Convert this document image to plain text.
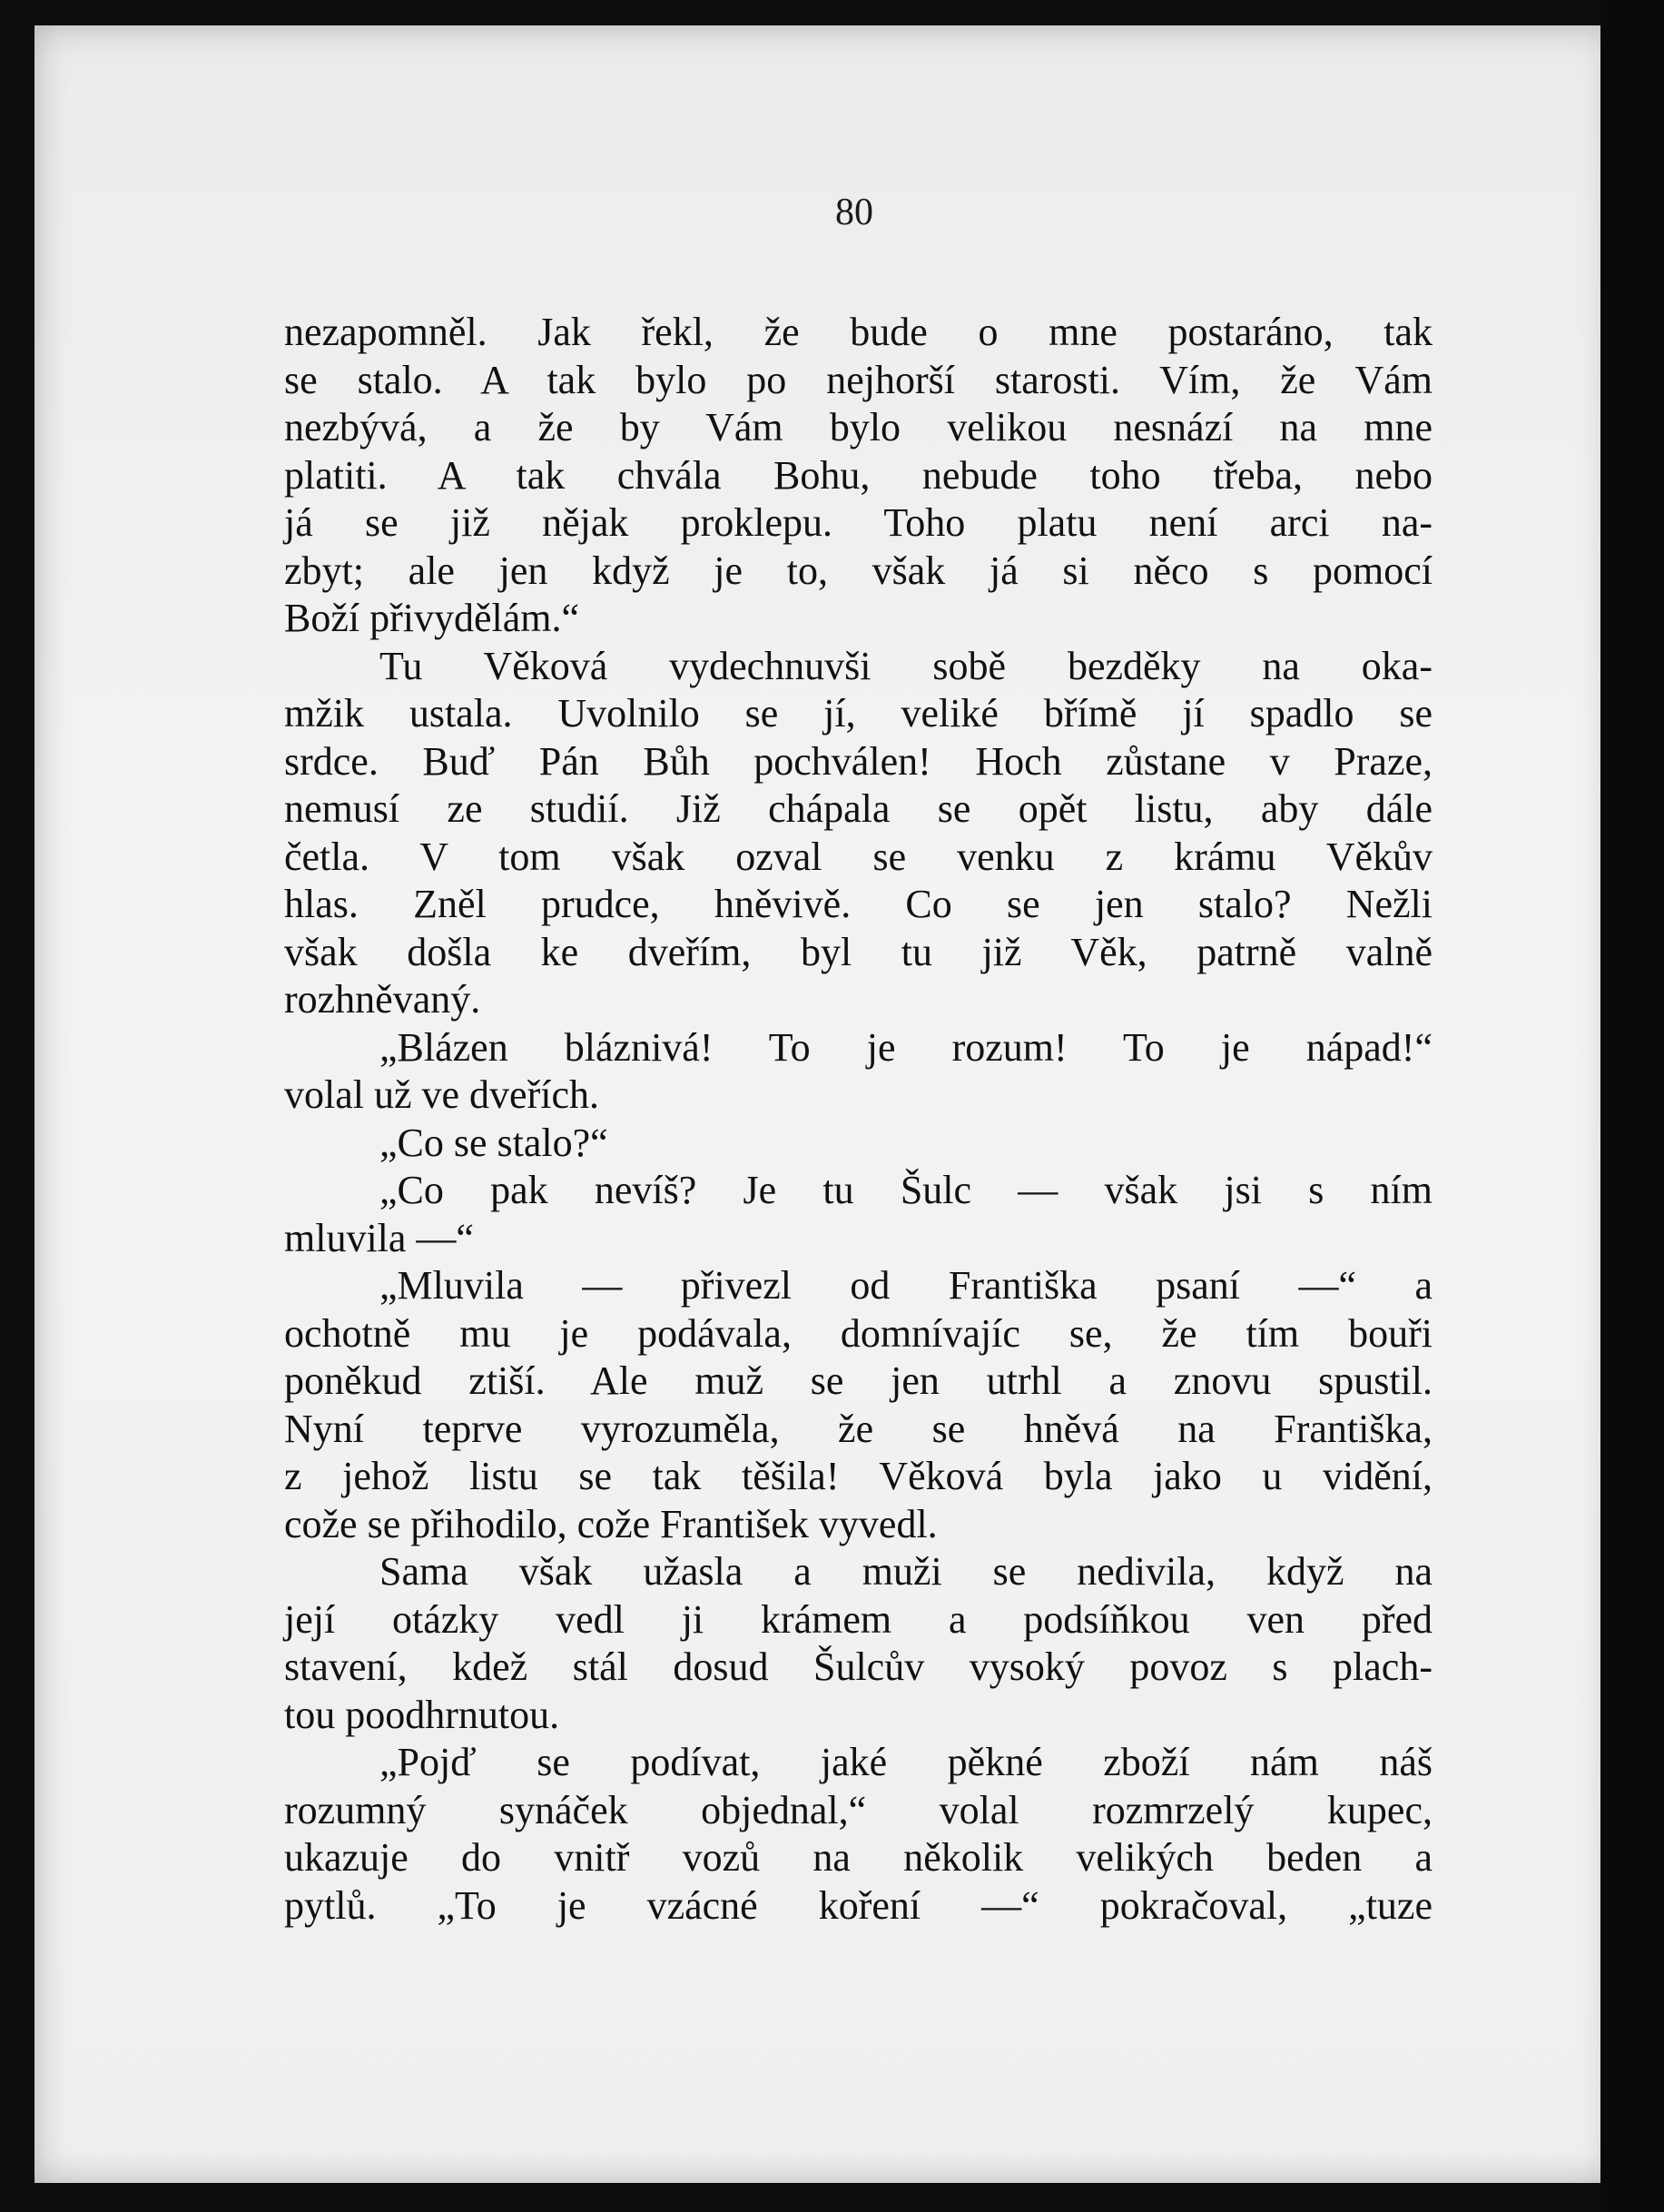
80
nezapomněl. Jak řekl, že bude o mne postaráno, tak
se stalo. A tak bylo po nejhorší starosti. Vím, že Vám
nezbývá, a že by Vám bylo velikou nesnází na mne
platiti. A tak chvála Bohu, nebude toho třeba, nebo
já se již nějak proklepu. Toho platu není arci na-
zbyt; ale jen když je to, však já si něco s pomocí
Boží přivydělám.“
Tu Věková vydechnuvši sobě bezděky na oka-
mžik ustala. Uvolnilo se jí, veliké břímě jí spadlo se
srdce. Buď Pán Bůh pochválen! Hoch zůstane v Praze,
nemusí ze studií. Již chápala se opět listu, aby dále
četla. V tom však ozval se venku z krámu Věkův
hlas. Zněl prudce, hněvivě. Co se jen stalo? Nežli
však došla ke dveřím, byl tu již Věk, patrně valně
rozhněvaný.
„Blázen bláznivá! To je rozum! To je nápad!“
volal už ve dveřích.
„Co se stalo?“
„Co pak nevíš? Je tu Šulc — však jsi s ním
mluvila —“
„Mluvila — přivezl od Františka psaní —“ a
ochotně mu je podávala, domnívajíc se, že tím bouři
poněkud ztiší. Ale muž se jen utrhl a znovu spustil.
Nyní teprve vyrozuměla, že se hněvá na Františka,
z jehož listu se tak těšila! Věková byla jako u vidění,
cože se přihodilo, cože František vyvedl.
Sama však užasla a muži se nedivila, když na
její otázky vedl ji krámem a podsíňkou ven před
stavení, kdež stál dosud Šulcův vysoký povoz s plach-
tou poodhrnutou.
„Pojď se podívat, jaké pěkné zboží nám náš
rozumný synáček objednal,“ volal rozmrzelý kupec,
ukazuje do vnitř vozů na několik velikých beden a
pytlů. „To je vzácné koření —“ pokračoval, „tuze
